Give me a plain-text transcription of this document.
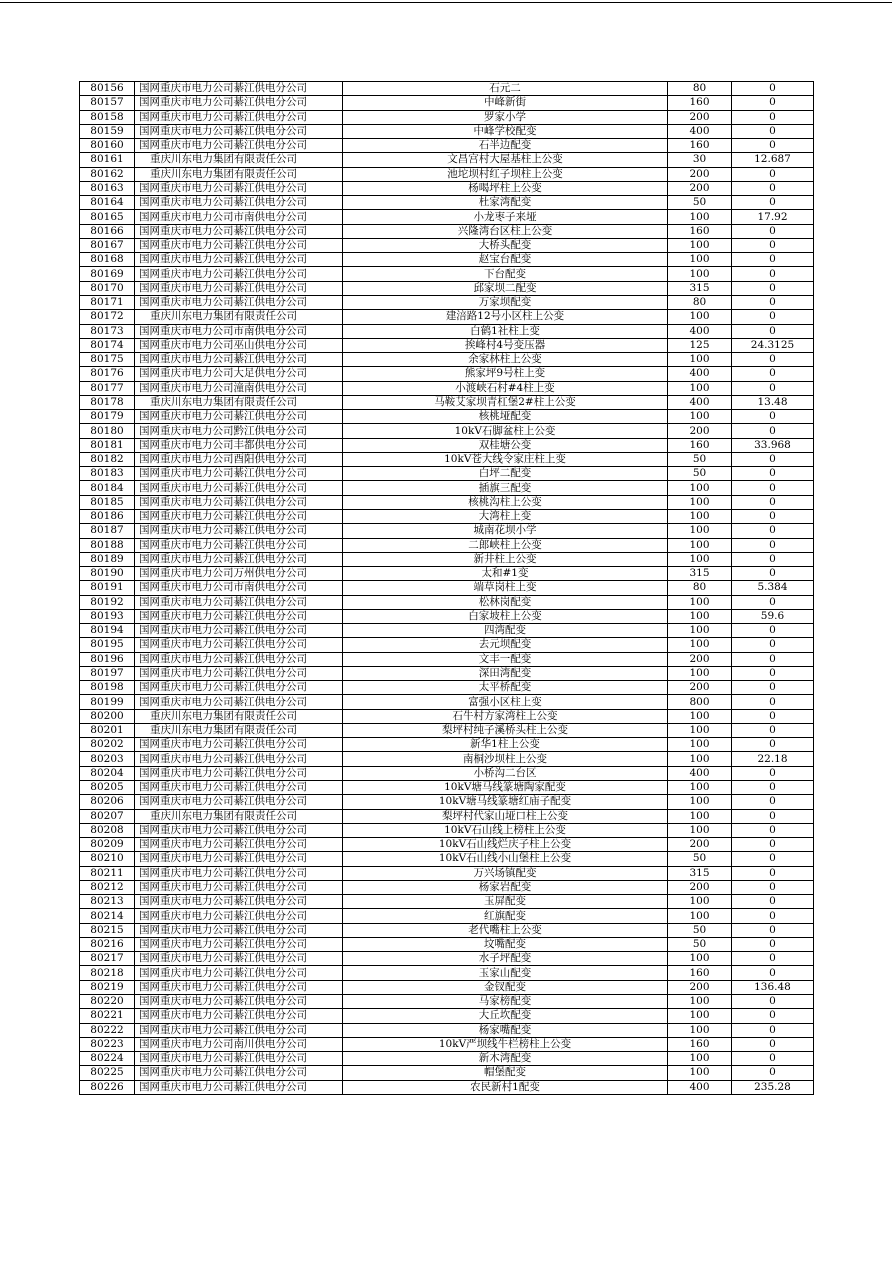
80156	国网重庆市电力公司綦江供电分公司	石元二	80	0
80157	国网重庆市电力公司綦江供电分公司	中峰新街	160	0
80158	国网重庆市电力公司綦江供电分公司	罗家小学	200	0
80159	国网重庆市电力公司綦江供电分公司	中峰学校配变	400	0
80160	国网重庆市电力公司綦江供电分公司	石半边配变	160	0
80161	重庆川东电力集团有限责任公司	文昌宫村大屋基柱上公变	30	12.687
80162	重庆川东电力集团有限责任公司	池坨坝村红子坝柱上公变	200	0
80163	国网重庆市电力公司綦江供电分公司	杨喝坪柱上公变	200	0
80164	国网重庆市电力公司綦江供电分公司	杜家湾配变	50	0
80165	国网重庆市电力公司市南供电分公司	小龙枣子来垭	100	17.92
80166	国网重庆市电力公司綦江供电分公司	兴隆湾台区柱上公变	160	0
80167	国网重庆市电力公司綦江供电分公司	大桥头配变	100	0
80168	国网重庆市电力公司綦江供电分公司	赵宝台配变	100	0
80169	国网重庆市电力公司綦江供电分公司	下台配变	100	0
80170	国网重庆市电力公司綦江供电分公司	邱家坝二配变	315	0
80171	国网重庆市电力公司綦江供电分公司	万家坝配变	80	0
80172	重庆川东电力集团有限责任公司	建涪路12号小区柱上公变	100	0
80173	国网重庆市电力公司市南供电分公司	白鹤1社柱上变	400	0
80174	国网重庆市电力公司巫山供电分公司	挨峰村4号变压器	125	24.3125
80175	国网重庆市电力公司綦江供电分公司	余家林柱上公变	100	0
80176	国网重庆市电力公司大足供电分公司	熊家坪9号柱上变	400	0
80177	国网重庆市电力公司潼南供电分公司	小渡峡石村#4柱上变	100	0
80178	重庆川东电力集团有限责任公司	马鞍艾家坝青杠堡2#柱上公变	400	13.48
80179	国网重庆市电力公司綦江供电分公司	核桃垭配变	100	0
80180	国网重庆市电力公司黔江供电分公司	10kV石脚盆柱上公变	200	0
80181	国网重庆市电力公司丰都供电分公司	双桂塘公变	160	33.968
80182	国网重庆市电力公司酉阳供电分公司	10kV苍大线令家庄柱上变	50	0
80183	国网重庆市电力公司綦江供电分公司	白坪二配变	50	0
80184	国网重庆市电力公司綦江供电分公司	插旗三配变	100	0
80185	国网重庆市电力公司綦江供电分公司	核桃沟柱上公变	100	0
80186	国网重庆市电力公司綦江供电分公司	大湾柱上变	100	0
80187	国网重庆市电力公司綦江供电分公司	城南花坝小学	100	0
80188	国网重庆市电力公司綦江供电分公司	二郎峡柱上公变	100	0
80189	国网重庆市电力公司綦江供电分公司	新井柱上公变	100	0
80190	国网重庆市电力公司万州供电分公司	太和#1变	315	0
80191	国网重庆市电力公司市南供电分公司	端草岗柱上变	80	5.384
80192	国网重庆市电力公司綦江供电分公司	松林岗配变	100	0
80193	国网重庆市电力公司綦江供电分公司	白家坡柱上公变	100	59.6
80194	国网重庆市电力公司綦江供电分公司	四湾配变	100	0
80195	国网重庆市电力公司綦江供电分公司	去元坝配变	100	0
80196	国网重庆市电力公司綦江供电分公司	文丰一配变	200	0
80197	国网重庆市电力公司綦江供电分公司	深田湾配变	100	0
80198	国网重庆市电力公司綦江供电分公司	太平桥配变	200	0
80199	国网重庆市电力公司綦江供电分公司	富强小区柱上变	800	0
80200	重庆川东电力集团有限责任公司	石牛村方家湾柱上公变	100	0
80201	重庆川东电力集团有限责任公司	梨坪村纯子溪桥头柱上公变	100	0
80202	国网重庆市电力公司綦江供电分公司	新华1柱上公变	100	0
80203	国网重庆市电力公司綦江供电分公司	南桐沙坝柱上公变	100	22.18
80204	国网重庆市电力公司綦江供电分公司	小桥沟二台区	400	0
80205	国网重庆市电力公司綦江供电分公司	10kV塘马线篆塘陶家配变	100	0
80206	国网重庆市电力公司綦江供电分公司	10kV塘马线篆塘红庙子配变	100	0
80207	重庆川东电力集团有限责任公司	梨坪村代家山垭口柱上公变	100	0
80208	国网重庆市电力公司綦江供电分公司	10kV石山线上榜柱上公变	100	0
80209	国网重庆市电力公司綦江供电分公司	10kV石山线烂庆子柱上公变	200	0
80210	国网重庆市电力公司綦江供电分公司	10kV石山线小山堡柱上公变	50	0
80211	国网重庆市电力公司綦江供电分公司	万兴场镇配变	315	0
80212	国网重庆市电力公司綦江供电分公司	杨家岩配变	200	0
80213	国网重庆市电力公司綦江供电分公司	玉屏配变	100	0
80214	国网重庆市电力公司綦江供电分公司	红旗配变	100	0
80215	国网重庆市电力公司綦江供电分公司	老代嘴柱上公变	50	0
80216	国网重庆市电力公司綦江供电分公司	坟嘴配变	50	0
80217	国网重庆市电力公司綦江供电分公司	水子坪配变	100	0
80218	国网重庆市电力公司綦江供电分公司	玉家山配变	160	0
80219	国网重庆市电力公司綦江供电分公司	金钗配变	200	136.48
80220	国网重庆市电力公司綦江供电分公司	马家榜配变	100	0
80221	国网重庆市电力公司綦江供电分公司	大丘坎配变	100	0
80222	国网重庆市电力公司綦江供电分公司	杨家嘴配变	100	0
80223	国网重庆市电力公司南川供电分公司	10kV严坝线牛栏榜柱上公变	160	0
80224	国网重庆市电力公司綦江供电分公司	新木湾配变	100	0
80225	国网重庆市电力公司綦江供电分公司	帽堡配变	100	0
80226	国网重庆市电力公司綦江供电分公司	农民新村1配变	400	235.28
